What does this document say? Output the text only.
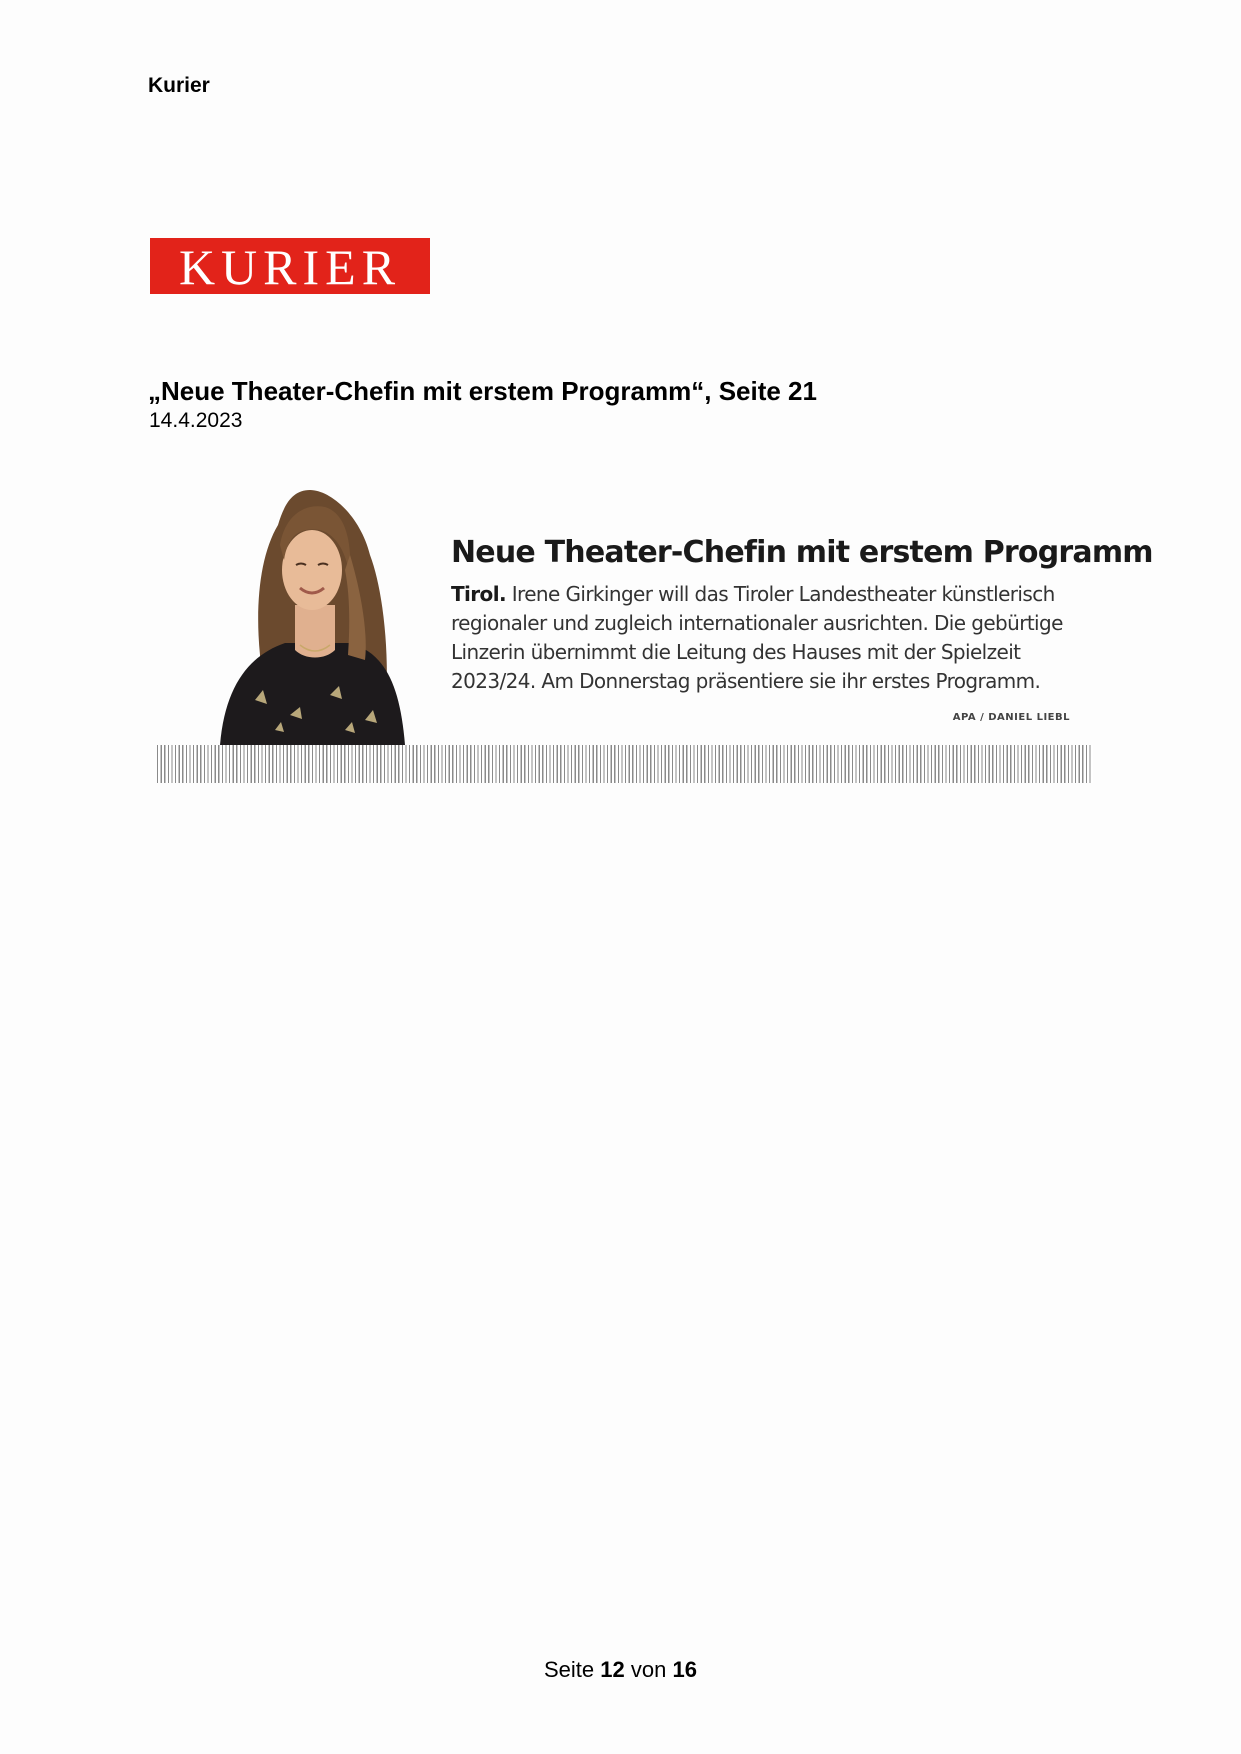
Kurier
KURIER
„Neue Theater-Chefin mit erstem Programm“, Seite 21
14.4.2023
Neue Theater-Chefin mit erstem Programm
Tirol. Irene Girkinger will das Tiroler Landestheater künstlerisch regionaler und zugleich internationaler ausrichten. Die gebürtige Linzerin übernimmt die Leitung des Hauses mit der Spielzeit 2023/24. Am Donnerstag präsentiere sie ihr erstes Programm.
APA / DANIEL LIEBL
Seite 12 von 16
